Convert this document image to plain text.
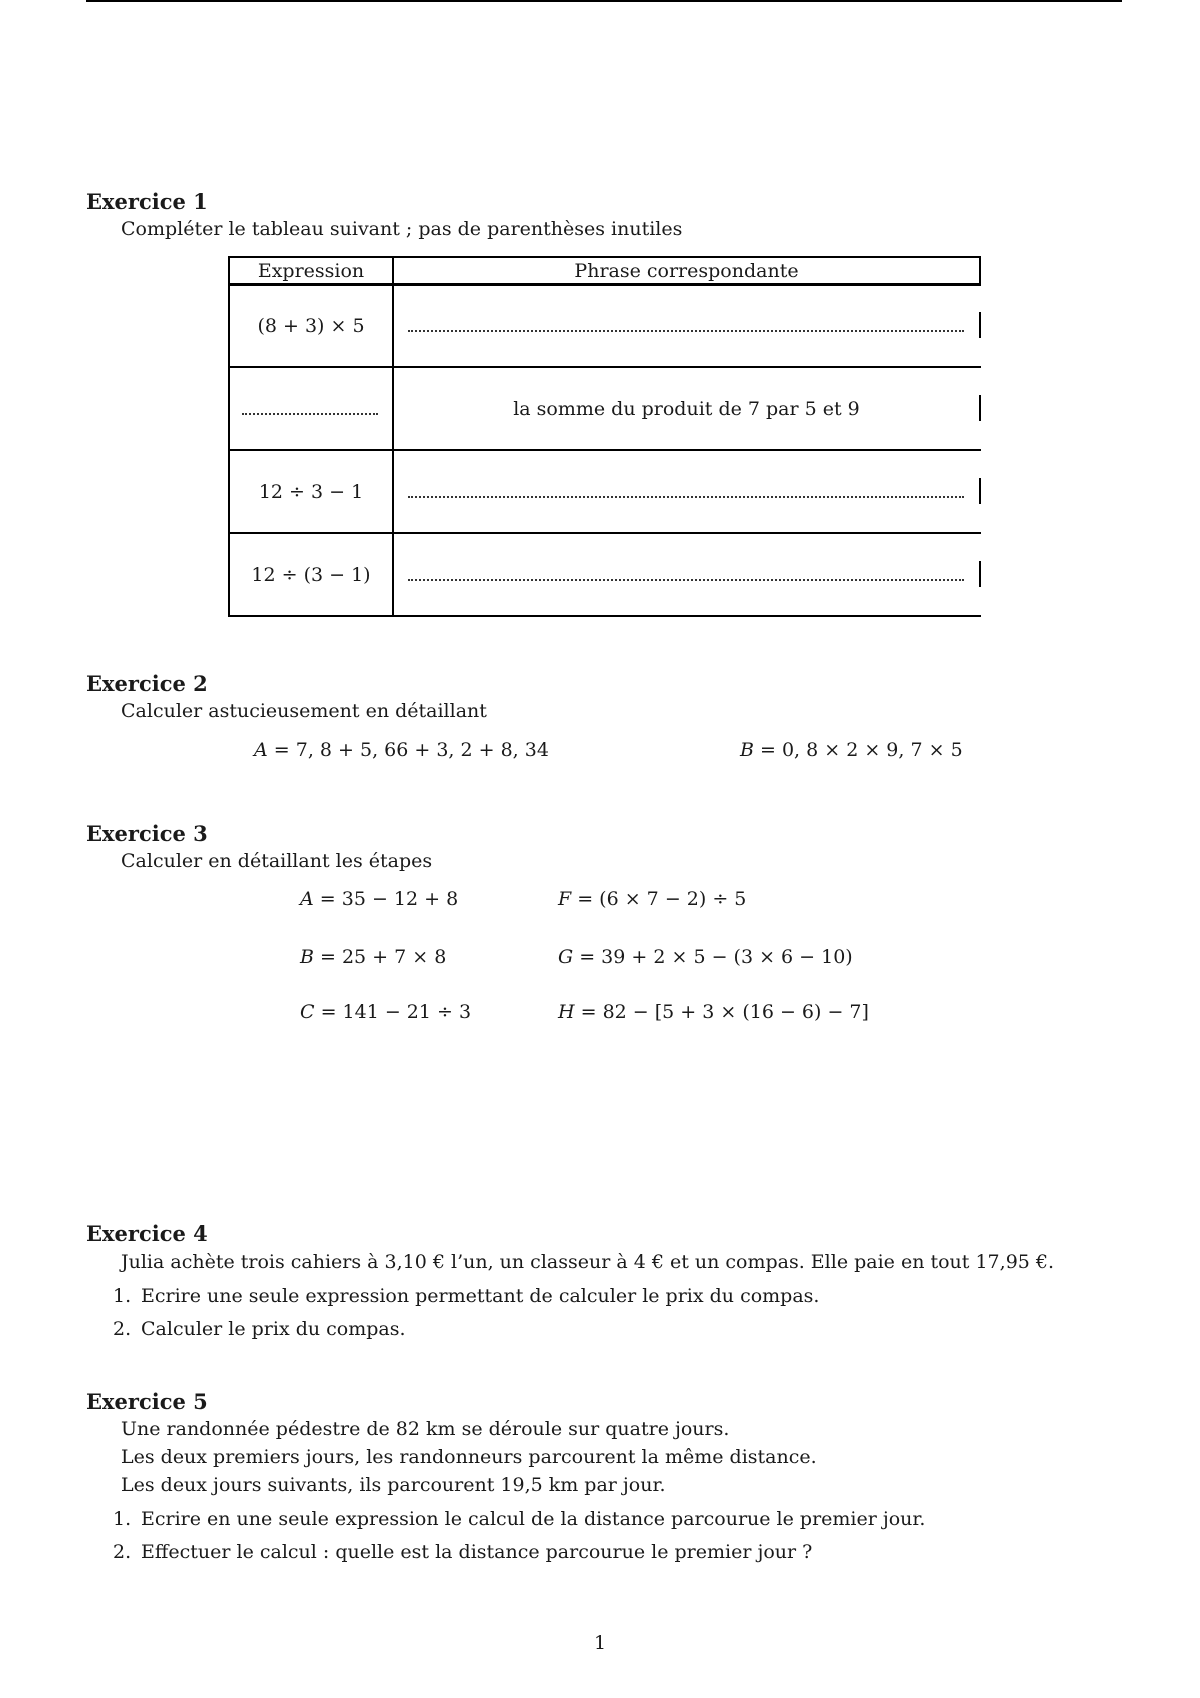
Exercice 1
Compléter le tableau suivant ; pas de parenthèses inutiles
Expression	Phrase correspondante
(8 + 3) × 5
la somme du produit de 7 par 5 et 9
12 ÷ 3 − 1
12 ÷ (3 − 1)
Exercice 2
Calculer astucieusement en détaillant
A = 7, 8 + 5, 66 + 3, 2 + 8, 34	B = 0, 8 × 2 × 9, 7 × 5
Exercice 3
Calculer en détaillant les étapes
A = 35 − 12 + 8
B = 25 + 7 × 8
C = 141 − 21 ÷ 3
F = (6 × 7 − 2) ÷ 5
G = 39 + 2 × 5 − (3 × 6 − 10)
H = 82 − [5 + 3 × (16 − 6) − 7]
Exercice 4
Julia achète trois cahiers à 3,10 € l’un, un classeur à 4 € et un compas. Elle paie en tout 17,95 €.
1. Ecrire une seule expression permettant de calculer le prix du compas.
2. Calculer le prix du compas.
Exercice 5
Une randonnée pédestre de 82 km se déroule sur quatre jours.
Les deux premiers jours, les randonneurs parcourent la même distance.
Les deux jours suivants, ils parcourent 19,5 km par jour.
1. Ecrire en une seule expression le calcul de la distance parcourue le premier jour.
2. Effectuer le calcul : quelle est la distance parcourue le premier jour ?
1
